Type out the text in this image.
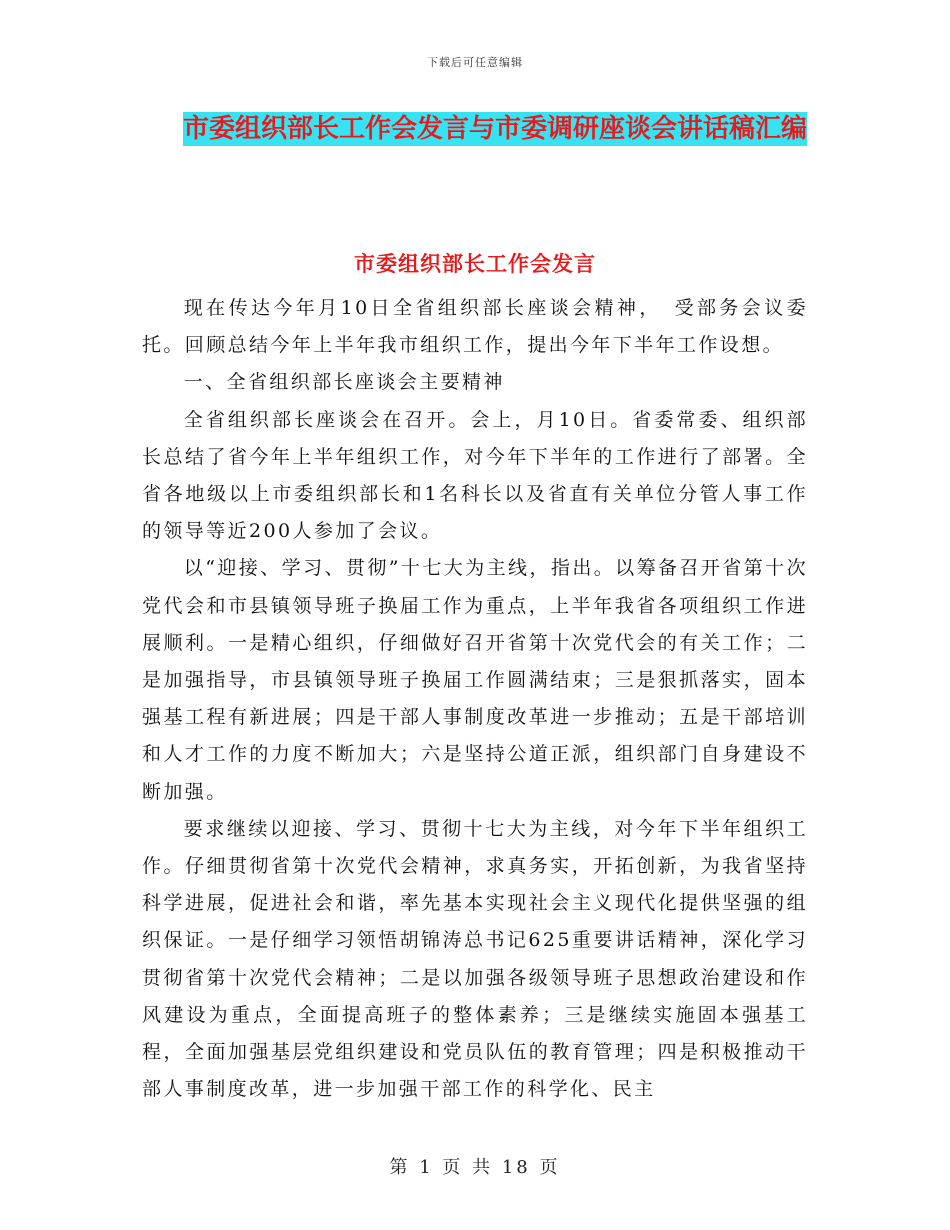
下载后可任意编辑
市委组织部长工作会发言与市委调研座谈会讲话稿汇编
市委组织部长工作会发言

现在传达今年月10日全省组织部长座谈会精神，　受部务会议委托。回顾总结今年上半年我市组织工作，提出今年下半年工作设想。

一、全省组织部长座谈会主要精神

全省组织部长座谈会在召开。会上，月10日。省委常委、组织部长总结了省今年上半年组织工作，对今年下半年的工作进行了部署。全省各地级以上市委组织部长和1名科长以及省直有关单位分管人事工作的领导等近200人参加了会议。

以“迎接、学习、贯彻”十七大为主线，指出。以筹备召开省第十次党代会和市县镇领导班子换届工作为重点，上半年我省各项组织工作进展顺利。一是精心组织，仔细做好召开省第十次党代会的有关工作；二是加强指导，市县镇领导班子换届工作圆满结束；三是狠抓落实，固本强基工程有新进展；四是干部人事制度改革进一步推动；五是干部培训和人才工作的力度不断加大；六是坚持公道正派，组织部门自身建设不断加强。

要求继续以迎接、学习、贯彻十七大为主线，对今年下半年组织工作。仔细贯彻省第十次党代会精神，求真务实，开拓创新，为我省坚持科学进展，促进社会和谐，率先基本实现社会主义现代化提供坚强的组织保证。一是仔细学习领悟胡锦涛总书记625重要讲话精神，深化学习贯彻省第十次党代会精神；二是以加强各级领导班子思想政治建设和作风建设为重点，全面提高班子的整体素养；三是继续实施固本强基工程，全面加强基层党组织建设和党员队伍的教育管理；四是积极推动干部人事制度改革，进一步加强干部工作的科学化、民主

第 1 页 共 18 页
